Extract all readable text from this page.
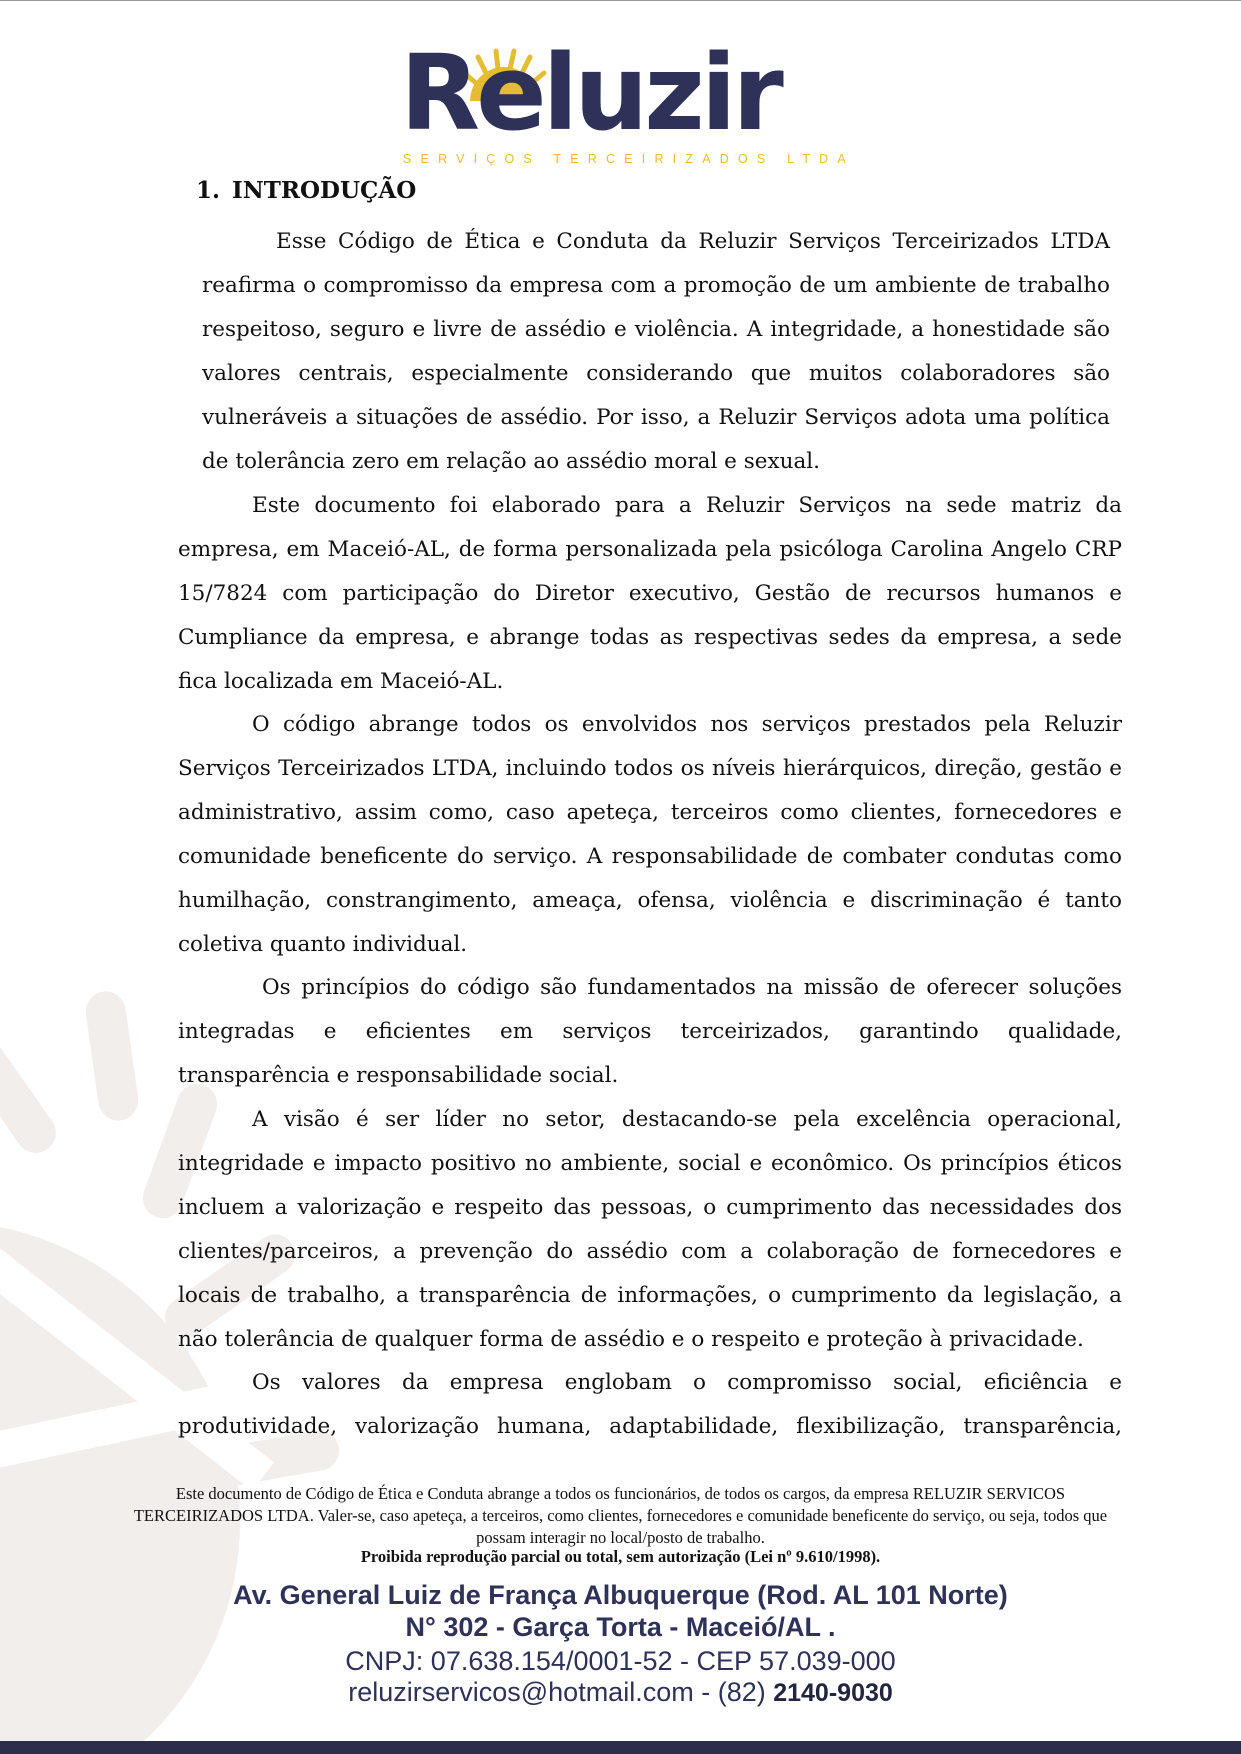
Reluzir
SERVIÇOS TERCEIRIZADOS LTDA
1. INTRODUÇÃO

Esse Código de Ética e Conduta da Reluzir Serviços Terceirizados LTDA reafirma o compromisso da empresa com a promoção de um ambiente de trabalho respeitoso, seguro e livre de assédio e violência. A integridade, a honestidade são valores centrais, especialmente considerando que muitos colaboradores são vulneráveis a situações de assédio. Por isso, a Reluzir Serviços adota uma política de tolerância zero em relação ao assédio moral e sexual.

Este documento foi elaborado para a Reluzir Serviços na sede matriz da empresa, em Maceió-AL, de forma personalizada pela psicóloga Carolina Angelo CRP 15/7824 com participação do Diretor executivo, Gestão de recursos humanos e Cumpliance da empresa, e abrange todas as respectivas sedes da empresa, a sede fica localizada em Maceió-AL.

O código abrange todos os envolvidos nos serviços prestados pela Reluzir Serviços Terceirizados LTDA, incluindo todos os níveis hierárquicos, direção, gestão e administrativo, assim como, caso apeteça, terceiros como clientes, fornecedores e comunidade beneficente do serviço. A responsabilidade de combater condutas como humilhação, constrangimento, ameaça, ofensa, violência e discriminação é tanto coletiva quanto individual.

Os princípios do código são fundamentados na missão de oferecer soluções integradas e eficientes em serviços terceirizados, garantindo qualidade, transparência e responsabilidade social.

A visão é ser líder no setor, destacando-se pela excelência operacional, integridade e impacto positivo no ambiente, social e econômico. Os princípios éticos incluem a valorização e respeito das pessoas, o cumprimento das necessidades dos clientes/parceiros, a prevenção do assédio com a colaboração de fornecedores e locais de trabalho, a transparência de informações, o cumprimento da legislação, a não tolerância de qualquer forma de assédio e o respeito e proteção à privacidade.

Os valores da empresa englobam o compromisso social, eficiência e produtividade, valorização humana, adaptabilidade, flexibilização, transparência,

Este documento de Código de Ética e Conduta abrange a todos os funcionários, de todos os cargos, da empresa RELUZIR SERVICOS TERCEIRIZADOS LTDA. Valer-se, caso apeteça, a terceiros, como clientes, fornecedores e comunidade beneficente do serviço, ou seja, todos que possam interagir no local/posto de trabalho.
Proibida reprodução parcial ou total, sem autorização (Lei nº 9.610/1998).
Av. General Luiz de França Albuquerque (Rod. AL 101 Norte)
N° 302 - Garça Torta - Maceió/AL .
CNPJ: 07.638.154/0001-52 - CEP 57.039-000
reluzirservicos@hotmail.com - (82) 2140-9030
